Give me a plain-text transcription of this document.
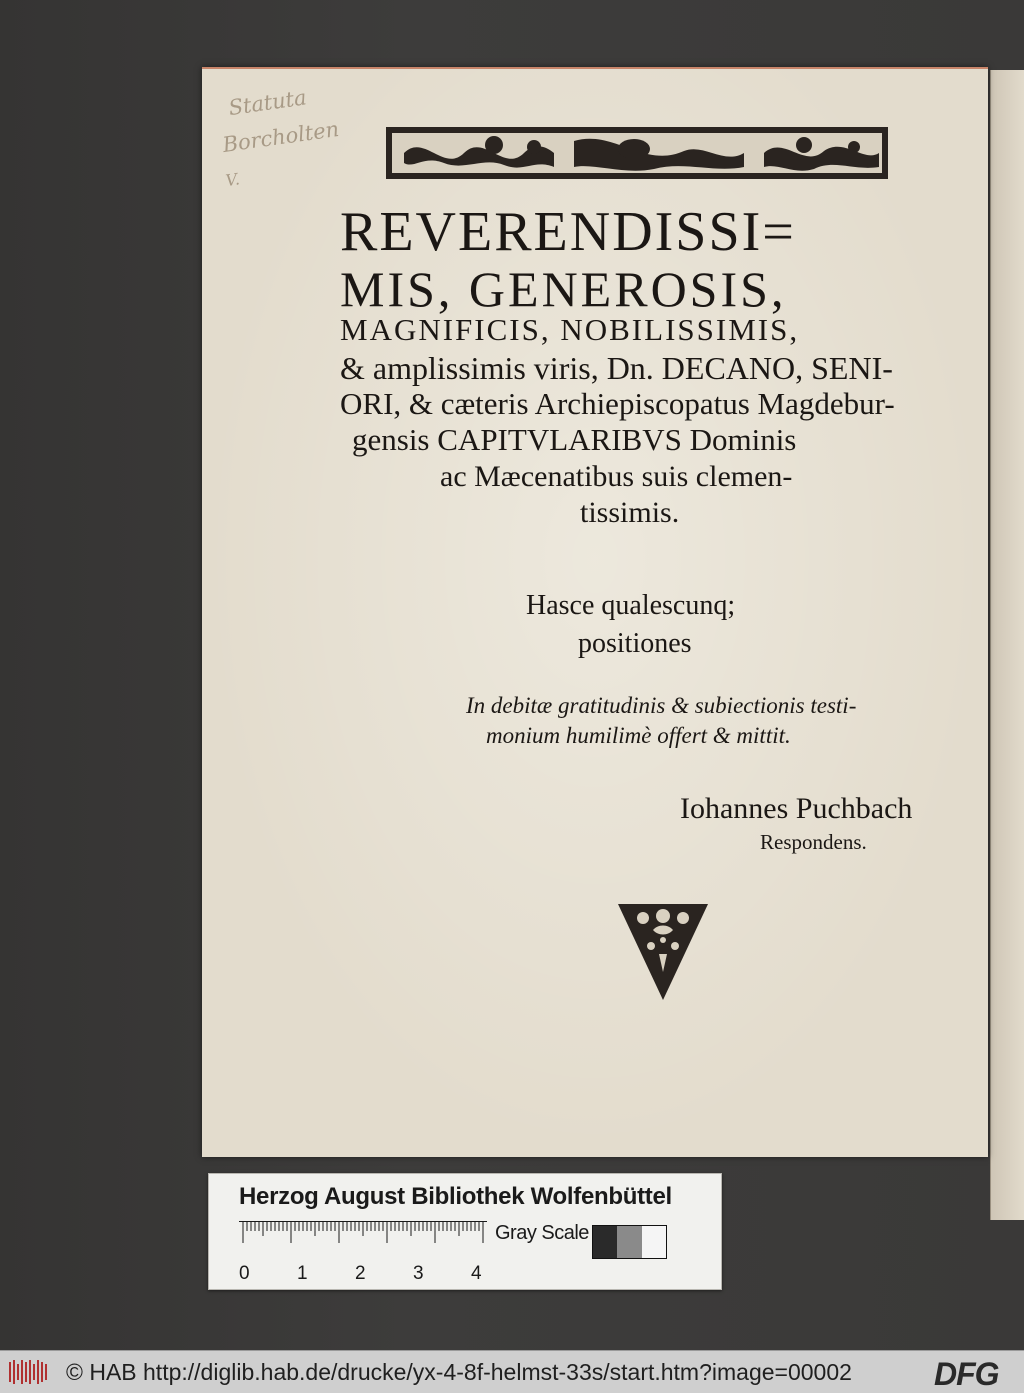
Statuta
Borcholten
V.
REVERENDISSI=
MIS, GENEROSIS,
MAGNIFICIS, NOBILISSIMIS,
& amplissimis viris, Dn. DECANO, SENI-
ORI, & cæteris Archiepiscopatus Magdebur-
gensis CAPITVLARIBVS Dominis
ac Mæcenatibus suis clemen-
tissimis.
Hasce qualescunq;
positiones
In debitæ gratitudinis & subiectionis testi-
monium humilimè offert & mittit.
Iohannes Puchbach
Respondens.
Herzog August Bibliothek Wolfenbüttel
0 1 2 3 4
Gray Scale
© HAB http://diglib.hab.de/drucke/yx-4-8f-helmst-33s/start.htm?image=00002	DFG
